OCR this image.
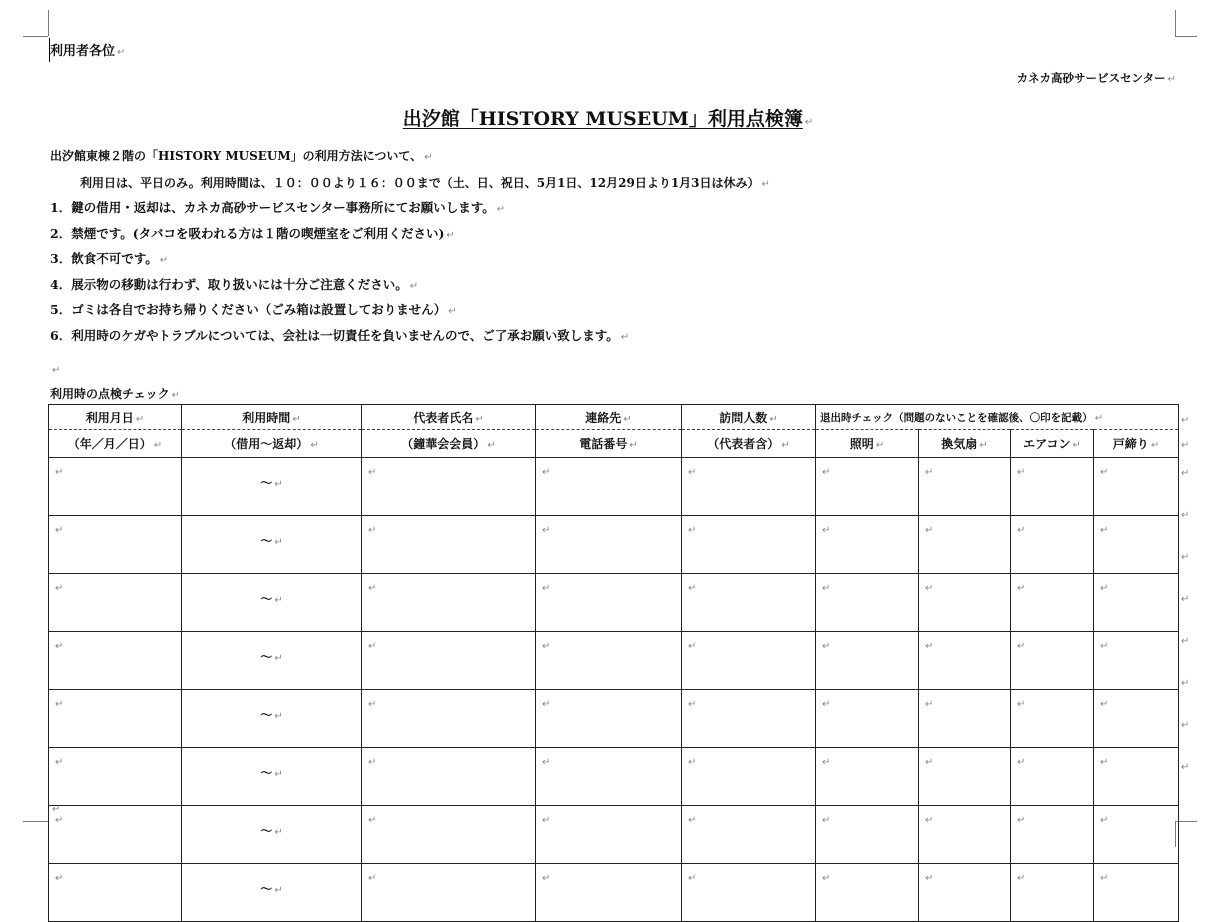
利用者各位 ↵
カネカ高砂サービスセンター ↵
出汐館「HISTORY MUSEUM」利用点検簿 ↵
出汐館東棟２階の「HISTORY MUSEUM」の利用方法について、 ↵
利用日は、平日のみ。利用時間は、１０：００より１６：００まで（土、日、祝日、5月1日、12月29日より1月3日は休み） ↵
1．鍵の借用・返却は、カネカ高砂サービスセンター事務所にてお願いします。 ↵
2．禁煙です。(タバコを吸われる方は１階の喫煙室をご利用ください) ↵
3．飲食不可です。 ↵
4．展示物の移動は行わず、取り扱いには十分ご注意ください。 ↵
5．ゴミは各自でお持ち帰りください（ごみ箱は設置しておりません） ↵
6．利用時のケガやトラブルについては、会社は一切責任を負いませんので、ご了承お願い致します。 ↵
↵
利用時の点検チェック ↵
利用月日 ↵	利用時間 ↵	代表者氏名 ↵	連絡先 ↵	訪問人数 ↵	退出時チェック（問題のないことを確認後、〇印を記載） ↵			
（年／月／日） ↵	（借用～返却） ↵	（鐘華会会員） ↵	電話番号 ↵	（代表者含） ↵	照明 ↵	換気扇 ↵	エアコン ↵	戸締り ↵
↵	～ ↵	↵	↵	↵	↵	↵	↵	↵
↵	～ ↵	↵	↵	↵	↵	↵	↵	↵
↵	～ ↵	↵	↵	↵	↵	↵	↵	↵
↵	～ ↵	↵	↵	↵	↵	↵	↵	↵
↵	～ ↵	↵	↵	↵	↵	↵	↵	↵
↵	～ ↵	↵	↵	↵	↵	↵	↵	↵
↵	～ ↵	↵	↵	↵	↵	↵	↵	↵
↵	～ ↵	↵	↵	↵	↵	↵	↵	↵
↵
↵
↵
↵
↵
↵
↵
↵
↵
↵
↵
